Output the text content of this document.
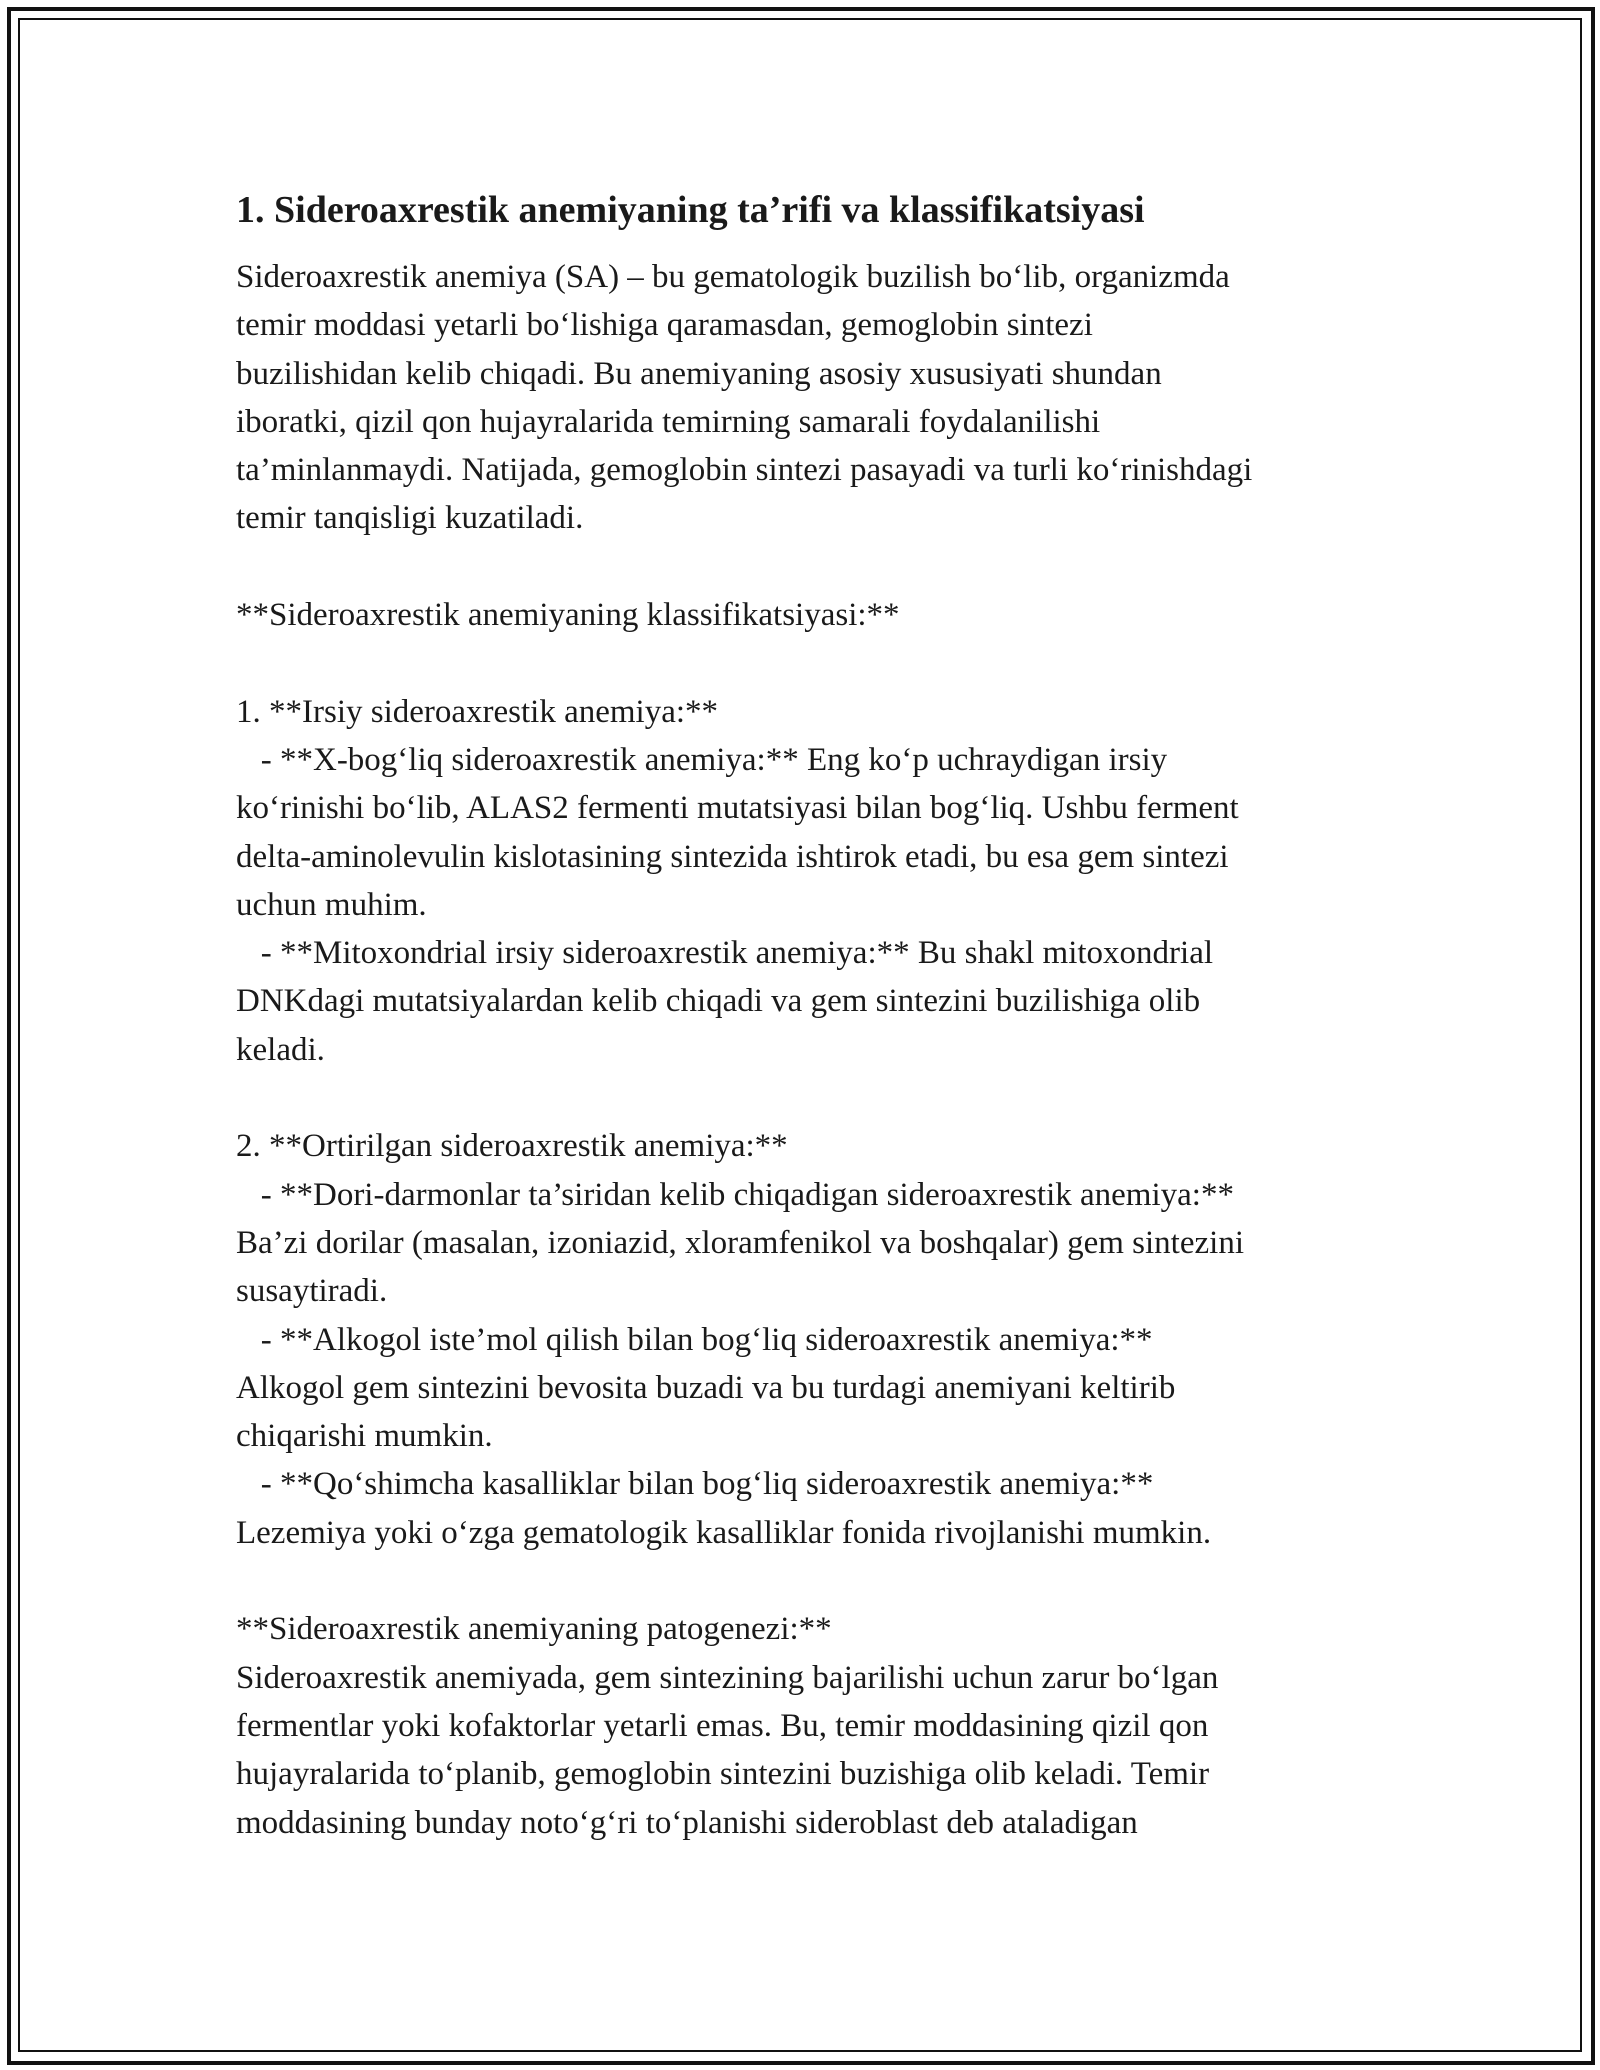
1. Sideroaxrestik anemiyaning ta’rifi va klassifikatsiyasi

Sideroaxrestik anemiya (SA) – bu gematologik buzilish bo‘lib, organizmda

temir moddasi yetarli bo‘lishiga qaramasdan, gemoglobin sintezi

buzilishidan kelib chiqadi. Bu anemiyaning asosiy xususiyati shundan

iboratki, qizil qon hujayralarida temirning samarali foydalanilishi

ta’minlanmaydi. Natijada, gemoglobin sintezi pasayadi va turli ko‘rinishdagi

temir tanqisligi kuzatiladi.

**Sideroaxrestik anemiyaning klassifikatsiyasi:**

1. **Irsiy sideroaxrestik anemiya:**

- **X-bog‘liq sideroaxrestik anemiya:** Eng ko‘p uchraydigan irsiy

ko‘rinishi bo‘lib, ALAS2 fermenti mutatsiyasi bilan bog‘liq. Ushbu ferment

delta-aminolevulin kislotasining sintezida ishtirok etadi, bu esa gem sintezi

uchun muhim.

- **Mitoxondrial irsiy sideroaxrestik anemiya:** Bu shakl mitoxondrial

DNKdagi mutatsiyalardan kelib chiqadi va gem sintezini buzilishiga olib

keladi.

2. **Ortirilgan sideroaxrestik anemiya:**

- **Dori-darmonlar ta’siridan kelib chiqadigan sideroaxrestik anemiya:**

Ba’zi dorilar (masalan, izoniazid, xloramfenikol va boshqalar) gem sintezini

susaytiradi.

- **Alkogol iste’mol qilish bilan bog‘liq sideroaxrestik anemiya:**

Alkogol gem sintezini bevosita buzadi va bu turdagi anemiyani keltirib

chiqarishi mumkin.

- **Qo‘shimcha kasalliklar bilan bog‘liq sideroaxrestik anemiya:**

Lezemiya yoki o‘zga gematologik kasalliklar fonida rivojlanishi mumkin.

**Sideroaxrestik anemiyaning patogenezi:**

Sideroaxrestik anemiyada, gem sintezining bajarilishi uchun zarur bo‘lgan

fermentlar yoki kofaktorlar yetarli emas. Bu, temir moddasining qizil qon

hujayralarida to‘planib, gemoglobin sintezini buzishiga olib keladi. Temir

moddasining bunday noto‘g‘ri to‘planishi sideroblast deb ataladigan
